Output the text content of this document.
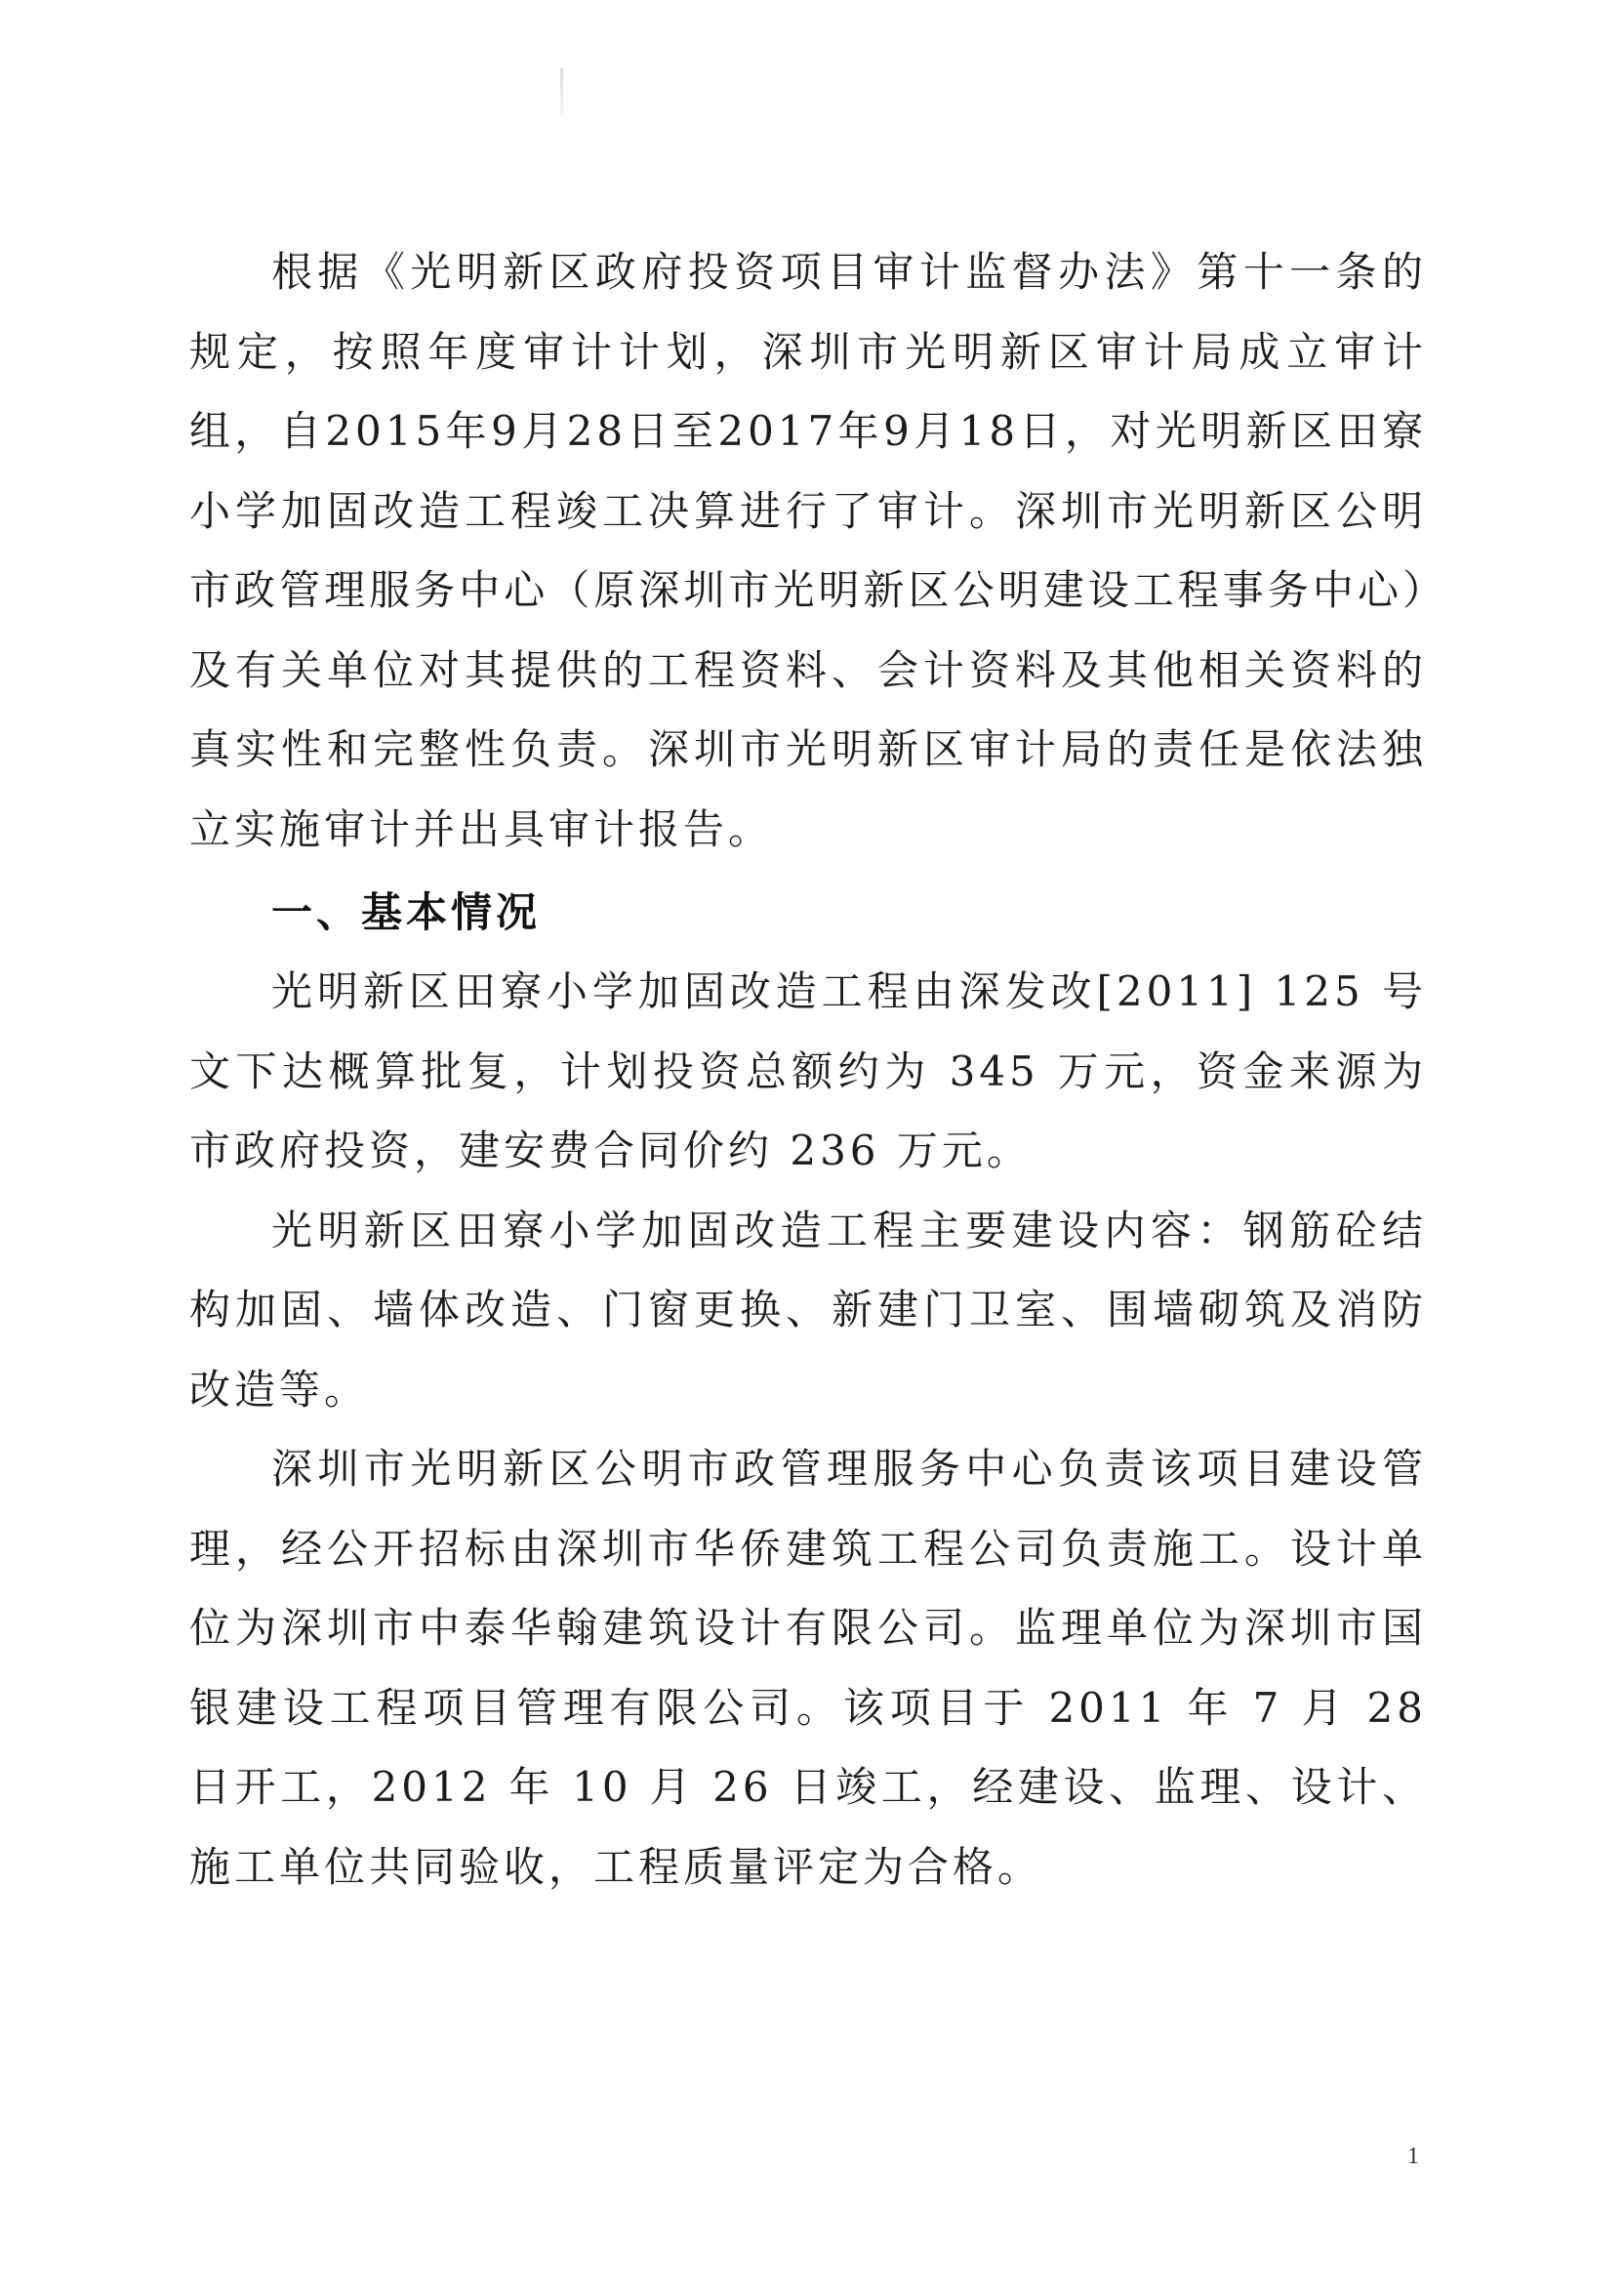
根据《光明新区政府投资项目审计监督办法》第十一条的规定，按照年度审计计划，深圳市光明新区审计局成立审计组，自2015年9月28日至2017年9月18日，对光明新区田寮小学加固改造工程竣工决算进行了审计。深圳市光明新区公明市政管理服务中心（原深圳市光明新区公明建设工程事务中心）及有关单位对其提供的工程资料、会计资料及其他相关资料的真实性和完整性负责。深圳市光明新区审计局的责任是依法独立实施审计并出具审计报告。

一、基本情况

光明新区田寮小学加固改造工程由深发改[2011] 125 号文下达概算批复，计划投资总额约为 345 万元，资金来源为市政府投资，建安费合同价约 236 万元。

光明新区田寮小学加固改造工程主要建设内容：钢筋砼结构加固、墙体改造、门窗更换、新建门卫室、围墙砌筑及消防改造等。

深圳市光明新区公明市政管理服务中心负责该项目建设管理，经公开招标由深圳市华侨建筑工程公司负责施工。设计单位为深圳市中泰华翰建筑设计有限公司。监理单位为深圳市国银建设工程项目管理有限公司。该项目于 2011 年 7 月 28 日开工，2012 年 10 月 26 日竣工，经建设、监理、设计、施工单位共同验收，工程质量评定为合格。

1
